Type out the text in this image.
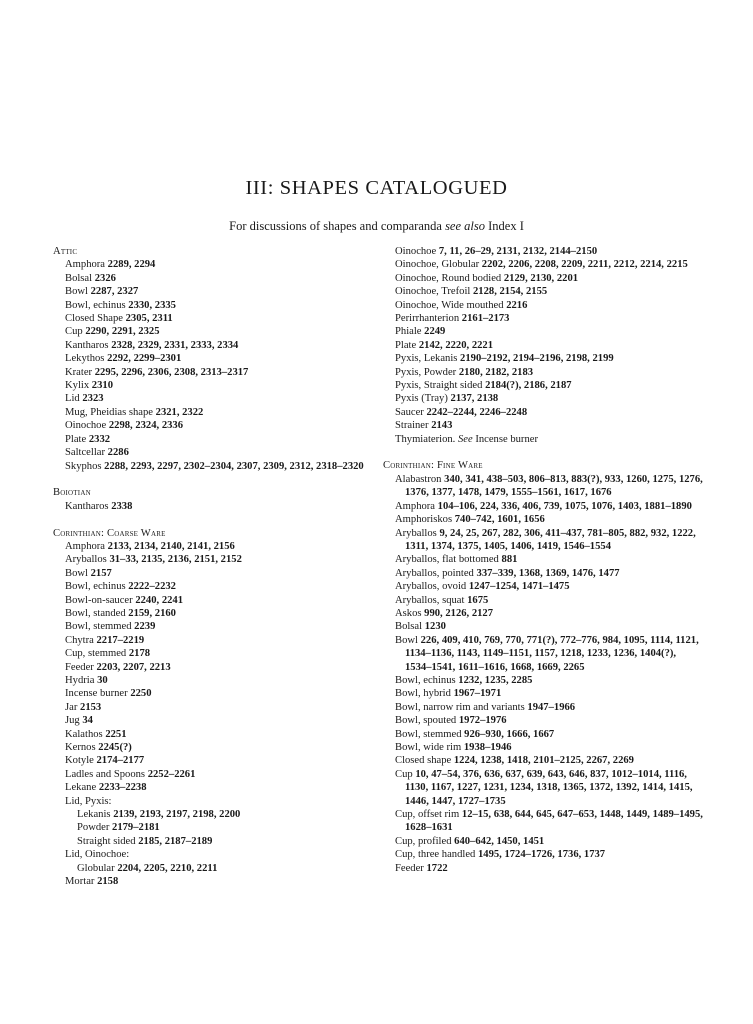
III: SHAPES CATALOGUED

For discussions of shapes and comparanda see also Index I

Attic
Amphora 2289, 2294
Bolsal 2326
Bowl 2287, 2327
Bowl, echinus 2330, 2335
Closed Shape 2305, 2311
Cup 2290, 2291, 2325
Kantharos 2328, 2329, 2331, 2333, 2334
Lekythos 2292, 2299–2301
Krater 2295, 2296, 2306, 2308, 2313–2317
Kylix 2310
Lid 2323
Mug, Pheidias shape 2321, 2322
Oinochoe 2298, 2324, 2336
Plate 2332
Saltcellar 2286
Skyphos 2288, 2293, 2297, 2302–2304, 2307, 2309, 2312, 2318–2320
Boiotian
Kantharos 2338
Corinthian: Coarse Ware
Amphora 2133, 2134, 2140, 2141, 2156
Aryballos 31–33, 2135, 2136, 2151, 2152
Bowl 2157
Bowl, echinus 2222–2232
Bowl-on-saucer 2240, 2241
Bowl, standed 2159, 2160
Bowl, stemmed 2239
Chytra 2217–2219
Cup, stemmed 2178
Feeder 2203, 2207, 2213
Hydria 30
Incense burner 2250
Jar 2153
Jug 34
Kalathos 2251
Kernos 2245(?)
Kotyle 2174–2177
Ladles and Spoons 2252–2261
Lekane 2233–2238
Lid, Pyxis:
Lekanis 2139, 2193, 2197, 2198, 2200
Powder 2179–2181
Straight sided 2185, 2187–2189
Lid, Oinochoe:
Globular 2204, 2205, 2210, 2211
Mortar 2158
Oinochoe 7, 11, 26–29, 2131, 2132, 2144–2150
Oinochoe, Globular 2202, 2206, 2208, 2209, 2211, 2212, 2214, 2215
Oinochoe, Round bodied 2129, 2130, 2201
Oinochoe, Trefoil 2128, 2154, 2155
Oinochoe, Wide mouthed 2216
Perirrhanterion 2161–2173
Phiale 2249
Plate 2142, 2220, 2221
Pyxis, Lekanis 2190–2192, 2194–2196, 2198, 2199
Pyxis, Powder 2180, 2182, 2183
Pyxis, Straight sided 2184(?), 2186, 2187
Pyxis (Tray) 2137, 2138
Saucer 2242–2244, 2246–2248
Strainer 2143
Thymiaterion. See Incense burner
Corinthian: Fine Ware
Alabastron 340, 341, 438–503, 806–813, 883(?), 933, 1260, 1275, 1276, 1376, 1377, 1478, 1479, 1555–1561, 1617, 1676
Amphora 104–106, 224, 336, 406, 739, 1075, 1076, 1403, 1881–1890
Amphoriskos 740–742, 1601, 1656
Aryballos 9, 24, 25, 267, 282, 306, 411–437, 781–805, 882, 932, 1222, 1311, 1374, 1375, 1405, 1406, 1419, 1546–1554
Aryballos, flat bottomed 881
Aryballos, pointed 337–339, 1368, 1369, 1476, 1477
Aryballos, ovoid 1247–1254, 1471–1475
Aryballos, squat 1675
Askos 990, 2126, 2127
Bolsal 1230
Bowl 226, 409, 410, 769, 770, 771(?), 772–776, 984, 1095, 1114, 1121, 1134–1136, 1143, 1149–1151, 1157, 1218, 1233, 1236, 1404(?), 1534–1541, 1611–1616, 1668, 1669, 2265
Bowl, echinus 1232, 1235, 2285
Bowl, hybrid 1967–1971
Bowl, narrow rim and variants 1947–1966
Bowl, spouted 1972–1976
Bowl, stemmed 926–930, 1666, 1667
Bowl, wide rim 1938–1946
Closed shape 1224, 1238, 1418, 2101–2125, 2267, 2269
Cup 10, 47–54, 376, 636, 637, 639, 643, 646, 837, 1012–1014, 1116, 1130, 1167, 1227, 1231, 1234, 1318, 1365, 1372, 1392, 1414, 1415, 1446, 1447, 1727–1735
Cup, offset rim 12–15, 638, 644, 645, 647–653, 1448, 1449, 1489–1495, 1628–1631
Cup, profiled 640–642, 1450, 1451
Cup, three handled 1495, 1724–1726, 1736, 1737
Feeder 1722
